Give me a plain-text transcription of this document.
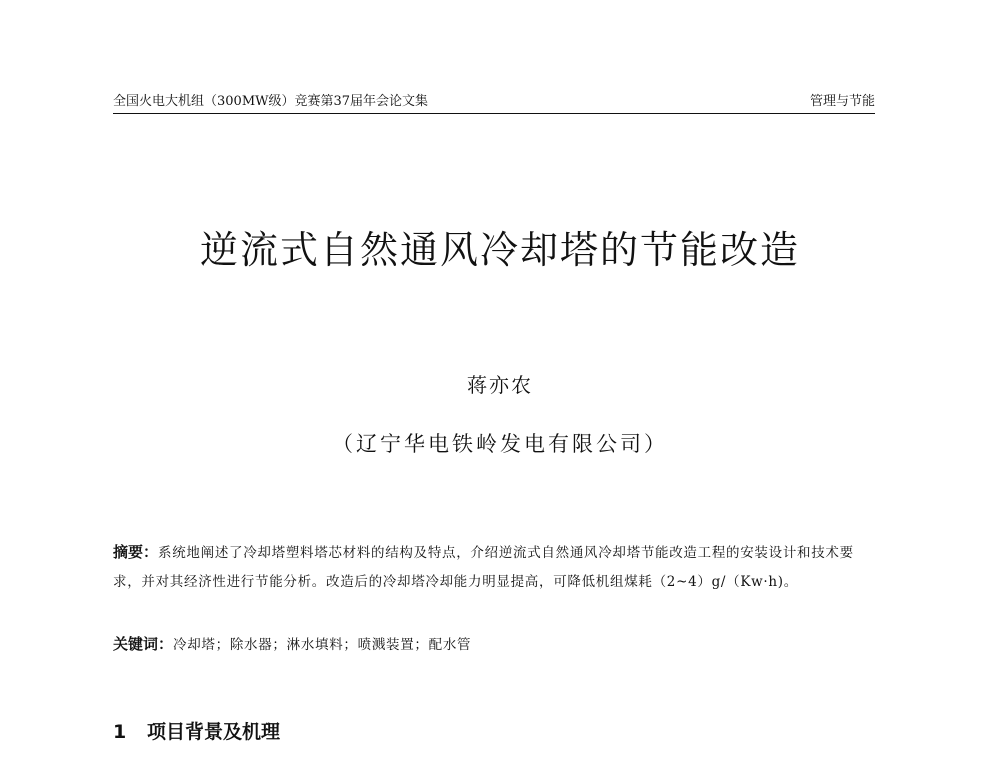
全国火电大机组（300MW级）竞赛第37届年会论文集	管理与节能
逆流式自然通风冷却塔的节能改造
蒋亦农
（辽宁华电铁岭发电有限公司）
摘要：系统地阐述了冷却塔塑料塔芯材料的结构及特点，介绍逆流式自然通风冷却塔节能改造工程的安装设计和技术要求，并对其经济性进行节能分析。改造后的冷却塔冷却能力明显提高，可降低机组煤耗（2~4）g/（Kw·h)。
关键词：冷却塔；除水器；淋水填料；喷溅装置；配水管
1 项目背景及机理
